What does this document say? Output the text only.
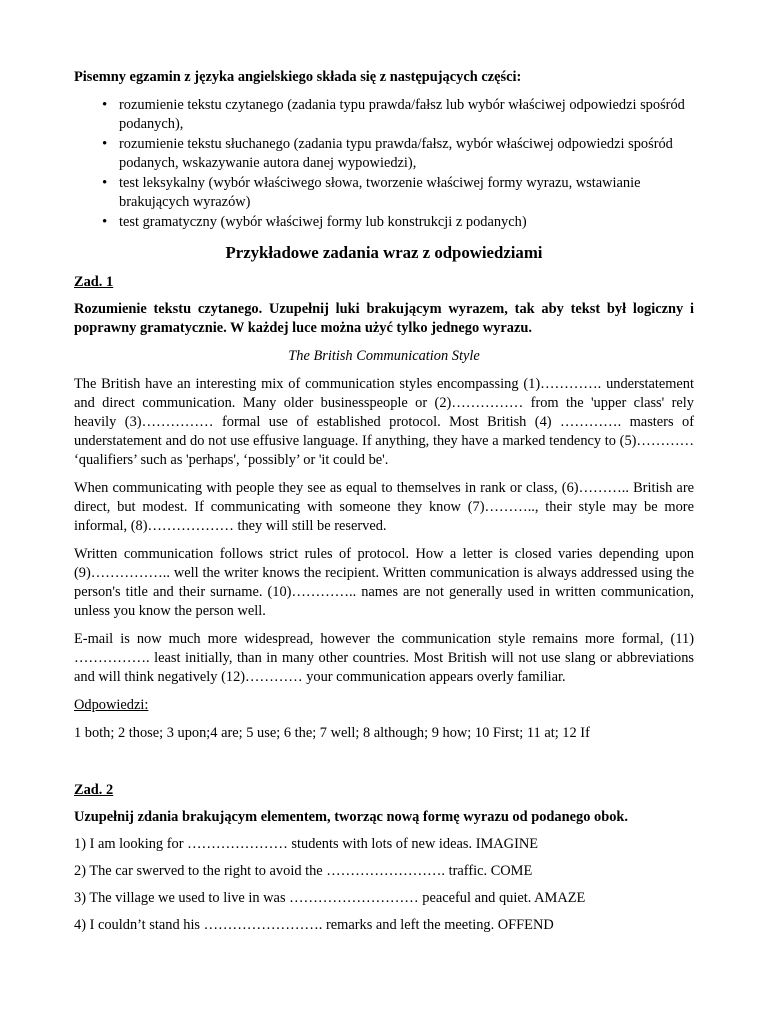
Pisemny egzamin z języka angielskiego składa się z następujących części:

• rozumienie tekstu czytanego (zadania typu prawda/fałsz lub wybór właściwej odpowiedzi spośród podanych),
• rozumienie tekstu słuchanego (zadania typu prawda/fałsz, wybór właściwej odpowiedzi spośród podanych, wskazywanie autora danej wypowiedzi),
• test leksykalny (wybór właściwego słowa, tworzenie właściwej formy wyrazu, wstawianie brakujących wyrazów)
• test gramatyczny (wybór właściwej formy lub konstrukcji z podanych)

Przykładowe zadania wraz z odpowiedziami

Zad. 1

Rozumienie tekstu czytanego. Uzupełnij luki brakującym wyrazem, tak aby tekst był logiczny i poprawny gramatycznie. W każdej luce można użyć tylko jednego wyrazu.

The British Communication Style

The British have an interesting mix of communication styles encompassing (1)…………. understatement and direct communication. Many older businesspeople or (2)…………… from the 'upper class' rely heavily (3)…………… formal use of established protocol. Most British (4) …………. masters of understatement and do not use effusive language. If anything, they have a marked tendency to (5)………… ‘qualifiers’ such as 'perhaps', ‘possibly’ or 'it could be'.

When communicating with people they see as equal to themselves in rank or class, (6)……….. British are direct, but modest. If communicating with someone they know (7)……….., their style may be more informal, (8)……………… they will still be reserved.

Written communication follows strict rules of protocol. How a letter is closed varies depending upon (9)…………….. well the writer knows the recipient. Written communication is always addressed using the person's title and their surname. (10)………….. names are not generally used in written communication, unless you know the person well.

E-mail is now much more widespread, however the communication style remains more formal, (11) ……………. least initially, than in many other countries. Most British will not use slang or abbreviations and will think negatively (12)………… your communication appears overly familiar.

Odpowiedzi:

1 both; 2 those; 3 upon;4 are; 5 use; 6 the; 7 well; 8 although; 9 how; 10 First; 11 at; 12 If

Zad. 2

Uzupełnij zdania brakującym elementem, tworząc nową formę wyrazu od podanego obok.

1) I am looking for ………………… students with lots of new ideas. IMAGINE

2) The car swerved to the right to avoid the ……………………. traffic. COME

3) The village we used to live in was ……………………… peaceful and quiet. AMAZE

4) I couldn’t stand his ……………………. remarks and left the meeting. OFFEND
